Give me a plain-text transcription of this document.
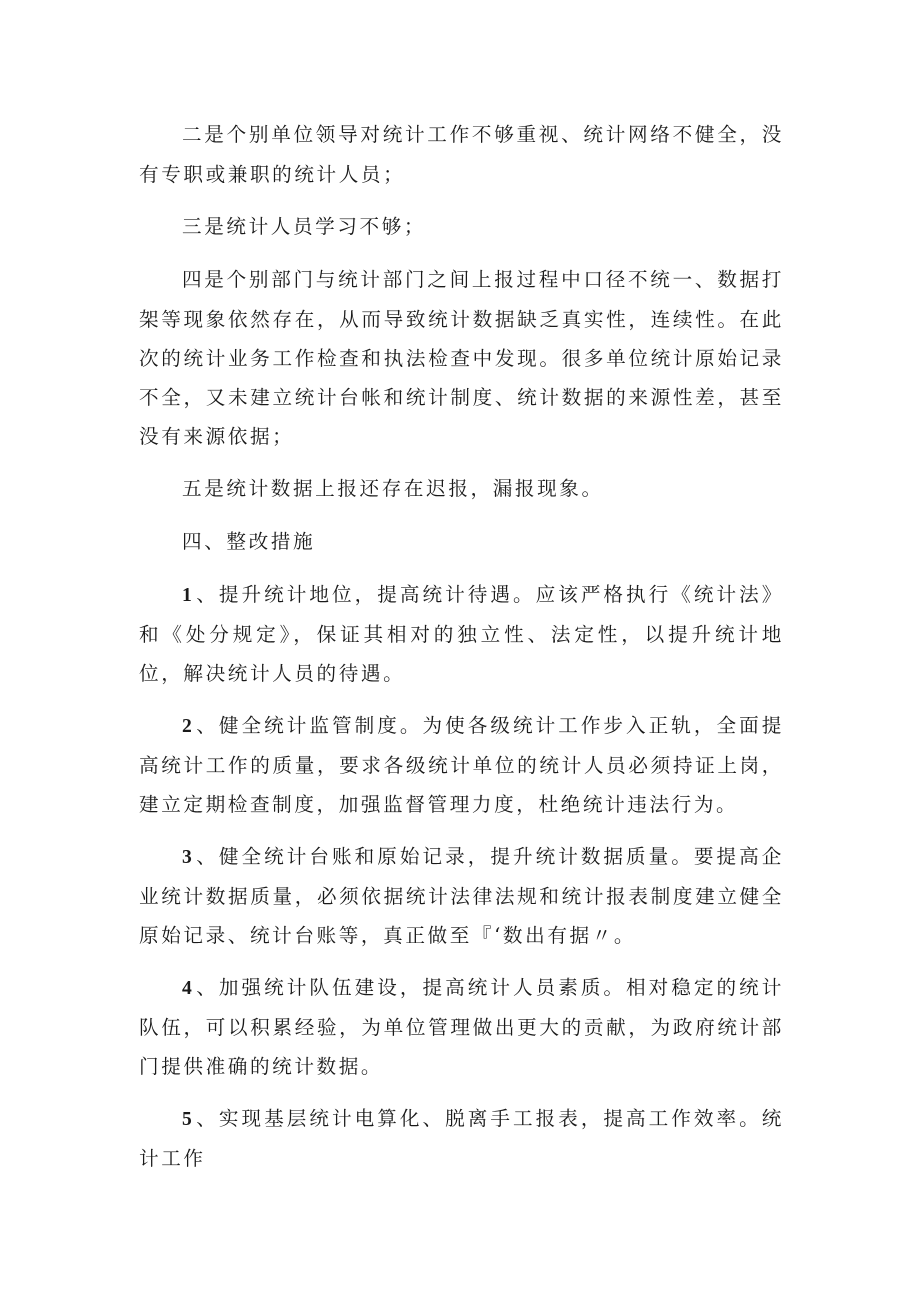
二是个别单位领导对统计工作不够重视、统计网络不健全，没有专职或兼职的统计人员；

三是统计人员学习不够；

四是个别部门与统计部门之间上报过程中口径不统一、数据打架等现象依然存在，从而导致统计数据缺乏真实性，连续性。在此次的统计业务工作检查和执法检查中发现。很多单位统计原始记录不全，又未建立统计台帐和统计制度、统计数据的来源性差，甚至没有来源依据；

五是统计数据上报还存在迟报，漏报现象。

四、整改措施

1 、提升统计地位，提高统计待遇。应该严格执行《统计法》和《处分规定》，保证其相对的独立性、法定性，以提升统计地位，解决统计人员的待遇。

2 、健全统计监管制度。为使各级统计工作步入正轨，全面提高统计工作的质量，要求各级统计单位的统计人员必须持证上岗，建立定期检查制度，加强监督管理力度，杜绝统计违法行为。

3 、健全统计台账和原始记录，提升统计数据质量。要提高企业统计数据质量，必须依据统计法律法规和统计报表制度建立健全原始记录、统计台账等，真正做至『‘数出有据〃。

4 、加强统计队伍建设，提高统计人员素质。相对稳定的统计队伍，可以积累经验，为单位管理做出更大的贡献，为政府统计部门提供准确的统计数据。

5 、实现基层统计电算化、脱离手工报表，提高工作效率。统计工作
